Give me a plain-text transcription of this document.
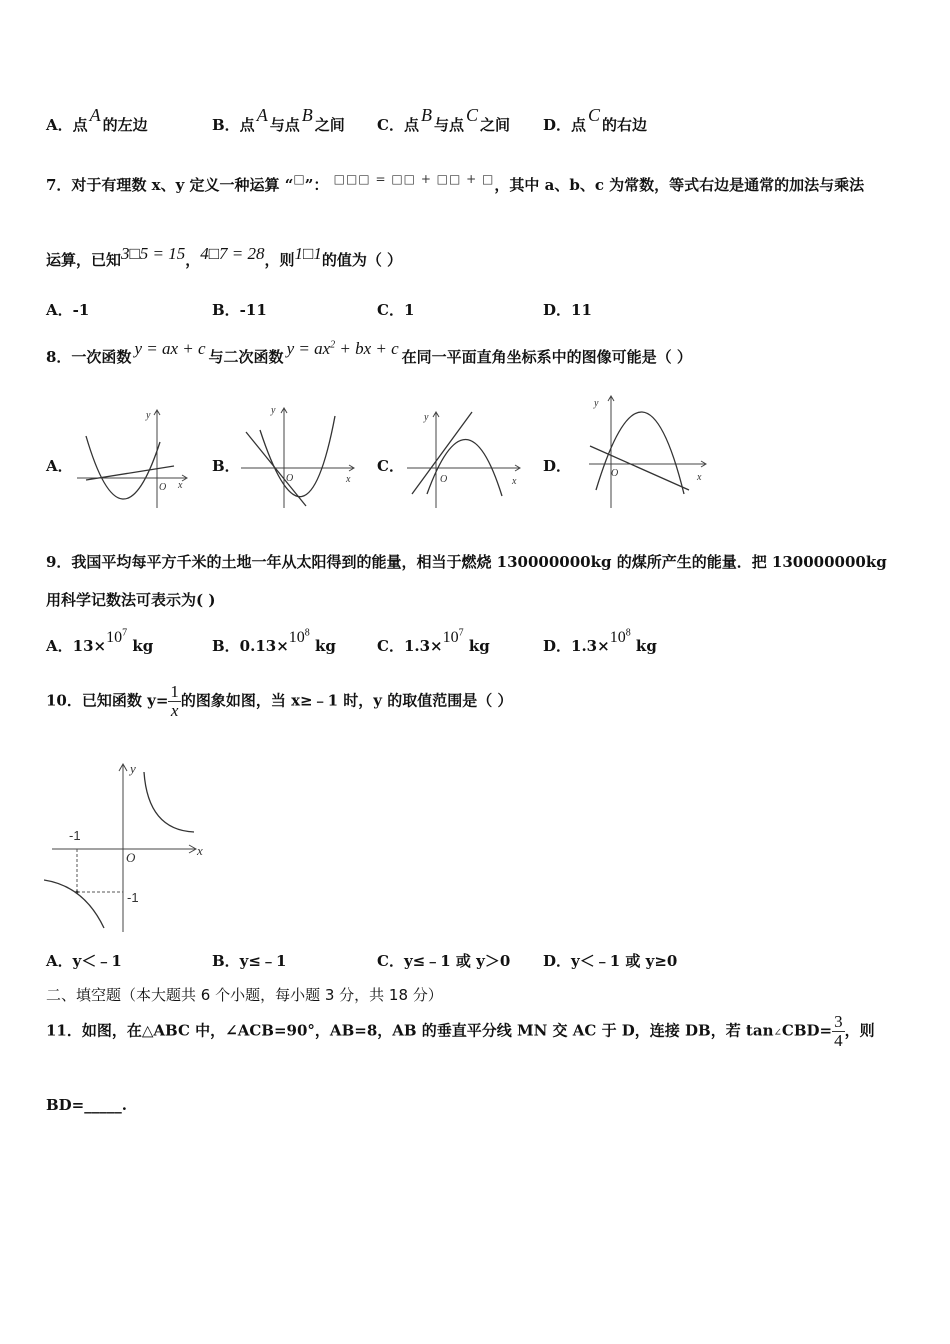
A．点 A 的左边	B．点 A 与点 B 之间 C．点 B 与点 C 之间 D．点 C 的右边
7．对于有理数 x、y 定义一种运算 “□”： □□□ = □□ + □□ + □，其中 a、b、c 为常数，等式右边是通常的加法与乘法
运算，已知3□5 = 15，4□7 = 28，则1□1的值为（ ）
A．-1	B．-11	C．1	D．11
8．一次函数 y = ax + c 与二次函数 $y = ax^2$ + bx + c 在同一平面直角坐标系中的图像可能是（ ）
A．	B．	C．	D．
y
x
O
y
x
O
y
x
O
y
x
O
9．我国平均每平方千米的土地一年从太阳得到的能量，相当于燃烧 130000000kg 的煤所产生的能量．把 130000000kg
用科学记数法可表示为( )
A．$13\times 10^7$ kg	B．$0.13\times 10^8$ kg	C．$1.3\times 10^7$ kg	D．$1.3\times 10^8$ kg
10．已知函数 $y= \frac{1}{x}$ 的图象如图，当 x≥﹣1 时，y 的取值范围是（ ）
y
x
O
-1
-1
A．y＜﹣1	B．y≤﹣1	C．y≤﹣1 或 y＞0 D．y＜﹣1 或 y≥0
二、填空题（本大题共 6 个小题，每小题 3 分，共 18 分）
11．如图，在△ABC 中，∠ACB=90°，AB=8，AB 的垂直平分线 MN 交 AC 于 D，连接 DB，若 tan∠CBD= $\frac{3}{4}$ ，则
BD=_____.
